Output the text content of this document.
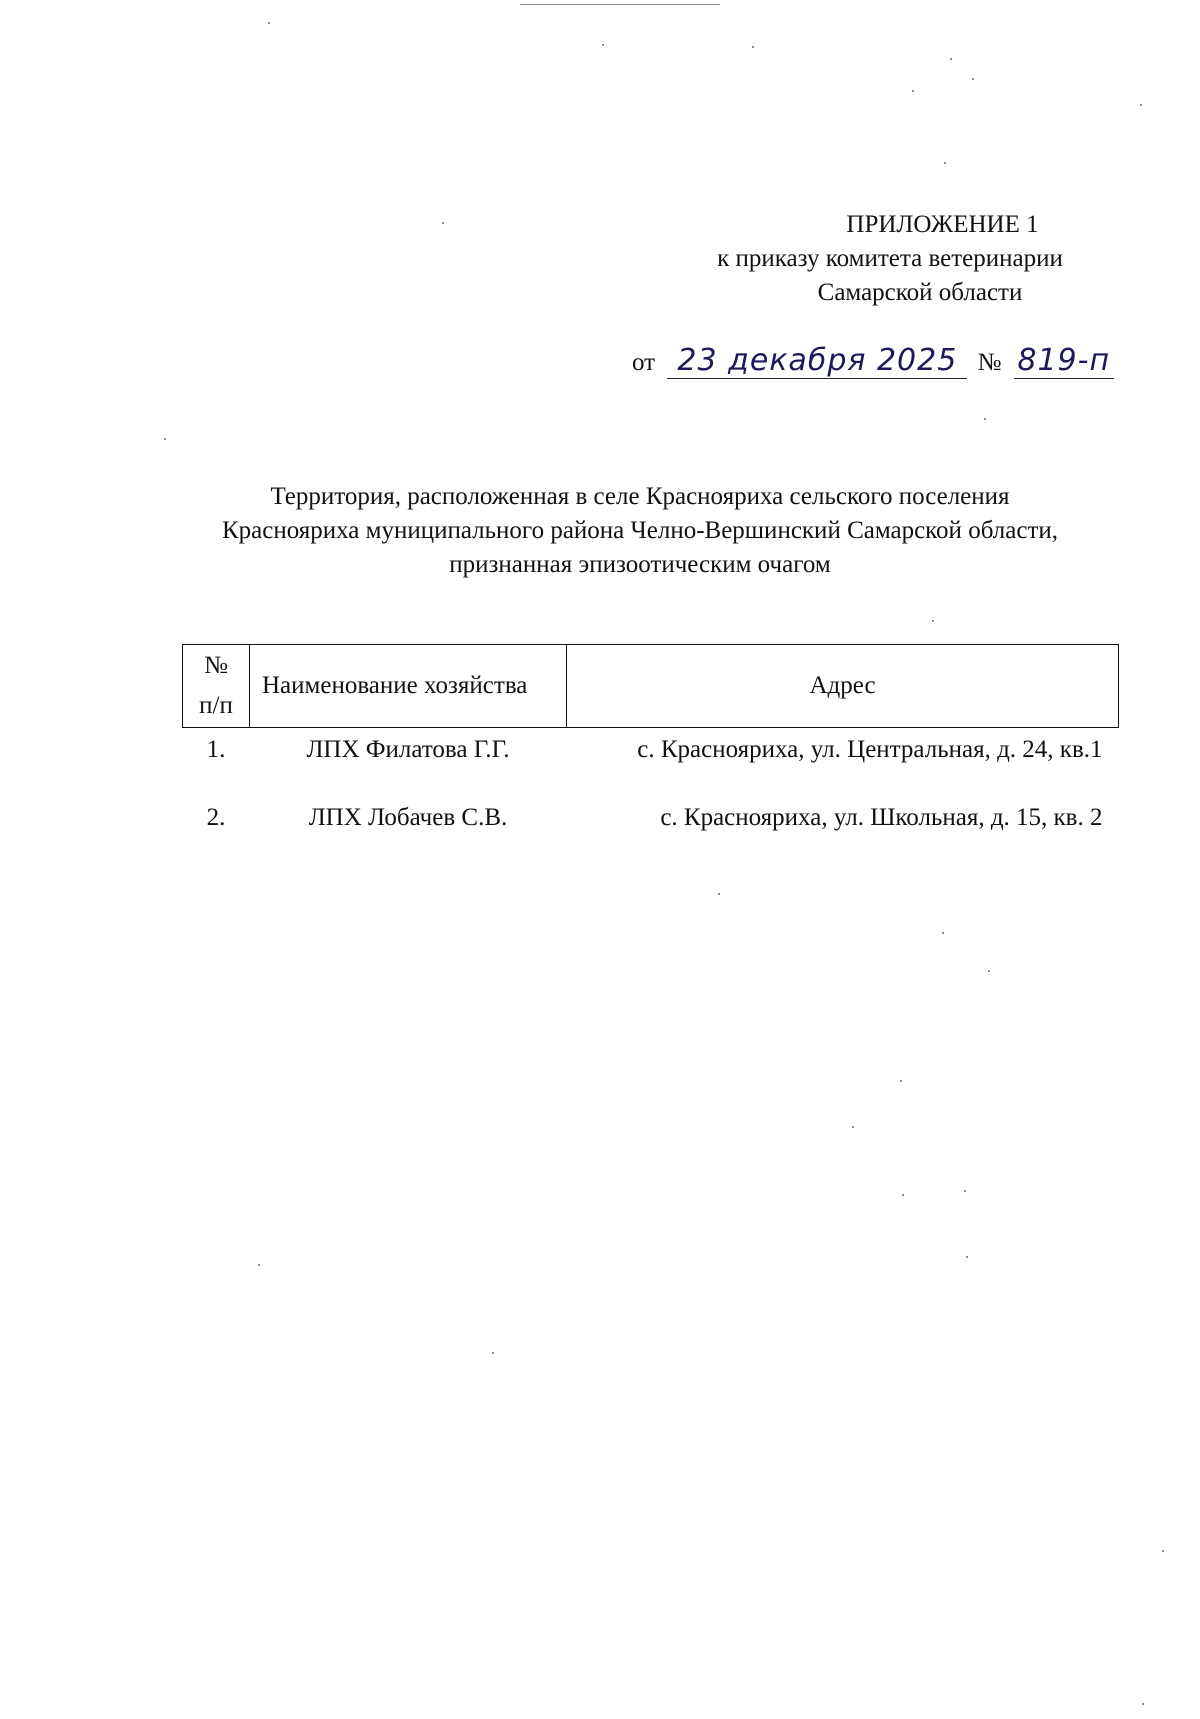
ПРИЛОЖЕНИЕ 1
к приказу комитета ветеринарии
Самарской области
от 23 декабря 2025 № 819-п
Территория, расположенная в селе Краснояриха сельского поселения Краснояриха муниципального района Челно-Вершинский Самарской области, признанная эпизоотическим очагом
№ п/п	Наименование хозяйства	Адрес
1.	ЛПХ Филатова Г.Г.	с. Краснояриха, ул. Центральная, д. 24, кв.1
2.	ЛПХ Лобачев С.В.	с. Краснояриха, ул. Школьная, д. 15, кв. 2
